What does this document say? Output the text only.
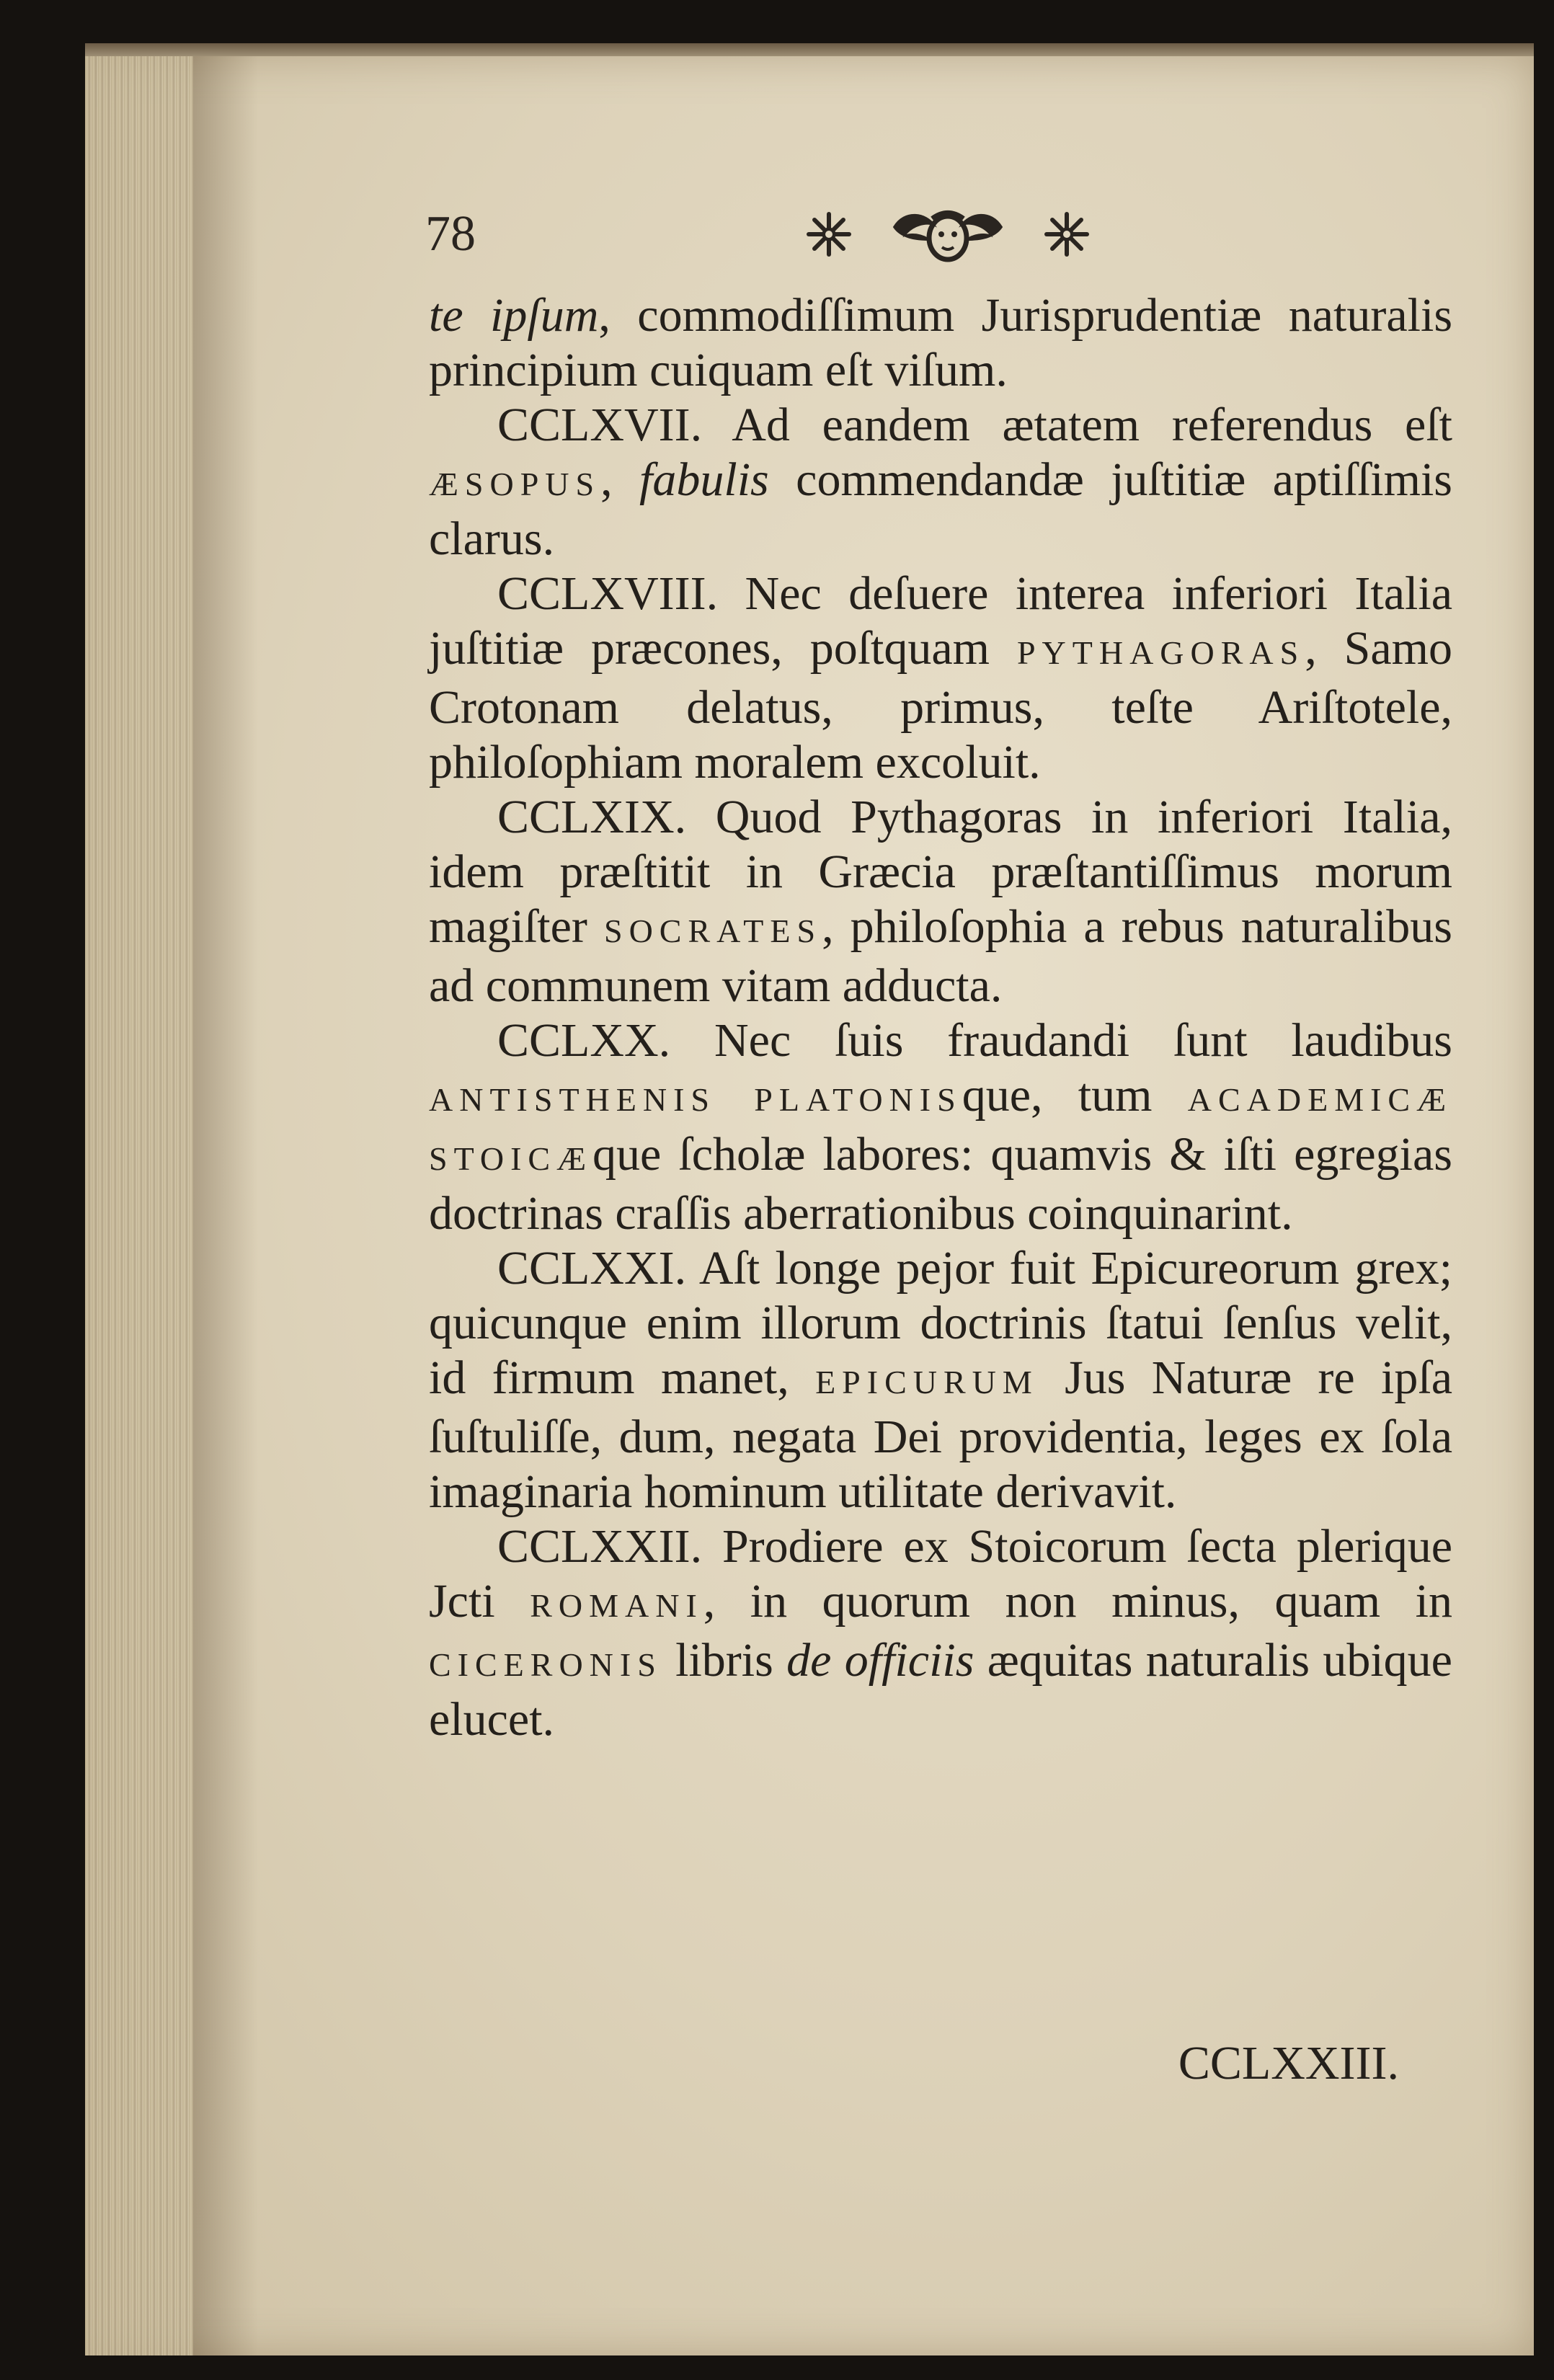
78

te ipſum, commodiſſimum Jurisprudentiæ naturalis principium cuiquam eſt viſum.

CCLXVII. Ad eandem ætatem referendus eſt ÆSOPUS, fabulis commendandæ juſtitiæ aptiſſimis clarus.

CCLXVIII. Nec deſuere interea inferiori Italia juſtitiæ præcones, poſtquam PYTHAGORAS, Samo Crotonam delatus, primus, teſte Ariſtotele, philoſophiam moralem excoluit.

CCLXIX. Quod Pythagoras in inferiori Italia, idem præſtitit in Græcia præſtantiſſimus morum magiſter SOCRATES, philoſophia a rebus naturalibus ad communem vitam adducta.

CCLXX. Nec ſuis fraudandi ſunt laudibus ANTISTHENIS PLATONISque, tum ACADEMICÆ STOICÆque ſcholæ labores: quamvis & iſti egregias doctrinas craſſis aberrationibus coinquinarint.

CCLXXI. Aſt longe pejor fuit Epicureorum grex; quicunque enim illorum doctrinis ſtatui ſenſus velit, id firmum manet, EPICURUM Jus Naturæ re ipſa ſuſtuliſſe, dum, negata Dei providentia, leges ex ſola imaginaria hominum utilitate derivavit.

CCLXXII. Prodiere ex Stoicorum ſecta plerique Jcti ROMANI, in quorum non minus, quam in CICERONIS libris de officiis æquitas naturalis ubique elucet.

CCLXXIII.
